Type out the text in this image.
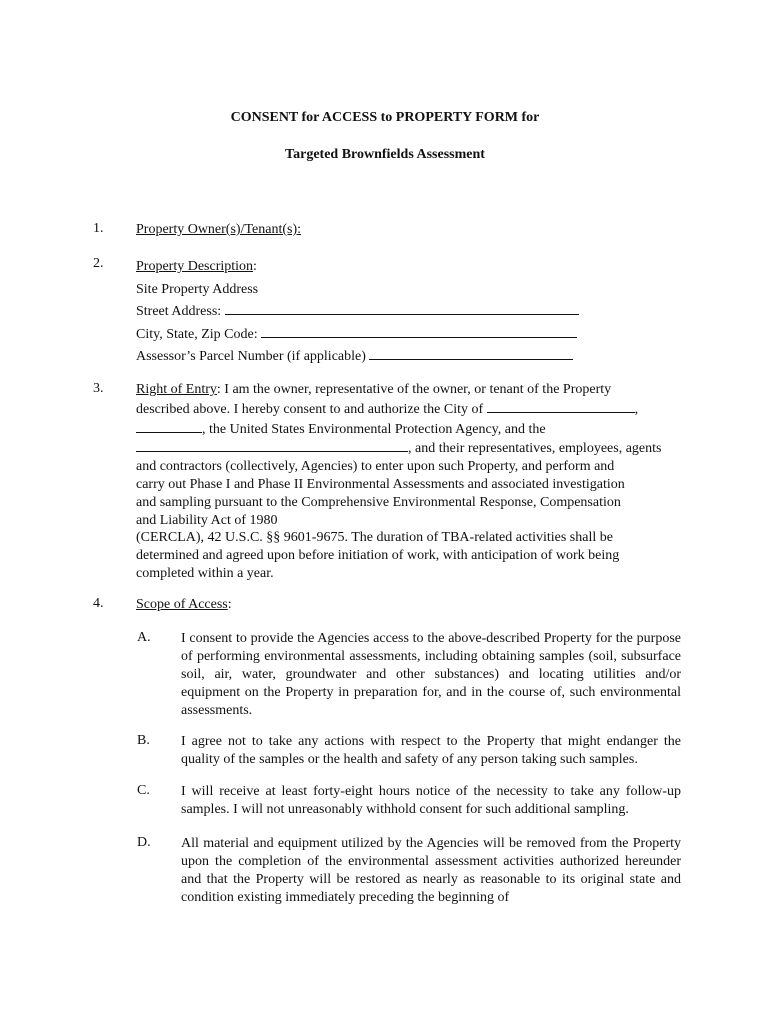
CONSENT for ACCESS to PROPERTY FORM for
Targeted Brownfields Assessment
1. Property Owner(s)/Tenant(s):
2. Property Description:
Site Property Address
Street Address:
City, State, Zip Code:
Assessor’s Parcel Number (if applicable)
3. Right of Entry: I am the owner, representative of the owner, or tenant of the Property
described above. I hereby consent to and authorize the City of	,
, the United States Environmental Protection Agency, and the
, and their representatives, employees, agents
and contractors (collectively, Agencies) to enter upon such Property, and perform and
carry out Phase I and Phase II Environmental Assessments and associated investigation
and sampling pursuant to the Comprehensive Environmental Response, Compensation
and Liability Act of 1980
(CERCLA), 42 U.S.C. §§ 9601-9675. The duration of TBA-related activities shall be
determined and agreed upon before initiation of work, with anticipation of work being
completed within a year.
4. Scope of Access:
A. I consent to provide the Agencies access to the above-described Property for the purpose of performing environmental assessments, including obtaining samples (soil, subsurface soil, air, water, groundwater and other substances) and locating utilities and/or equipment on the Property in preparation for, and in the course of, such environmental assessments.
B. I agree not to take any actions with respect to the Property that might endanger the quality of the samples or the health and safety of any person taking such samples.
C. I will receive at least forty-eight hours notice of the necessity to take any follow-up samples. I will not unreasonably withhold consent for such additional sampling.
D. All material and equipment utilized by the Agencies will be removed from the Property upon the completion of the environmental assessment activities authorized hereunder and that the Property will be restored as nearly as reasonable to its original state and condition existing immediately preceding the beginning of
